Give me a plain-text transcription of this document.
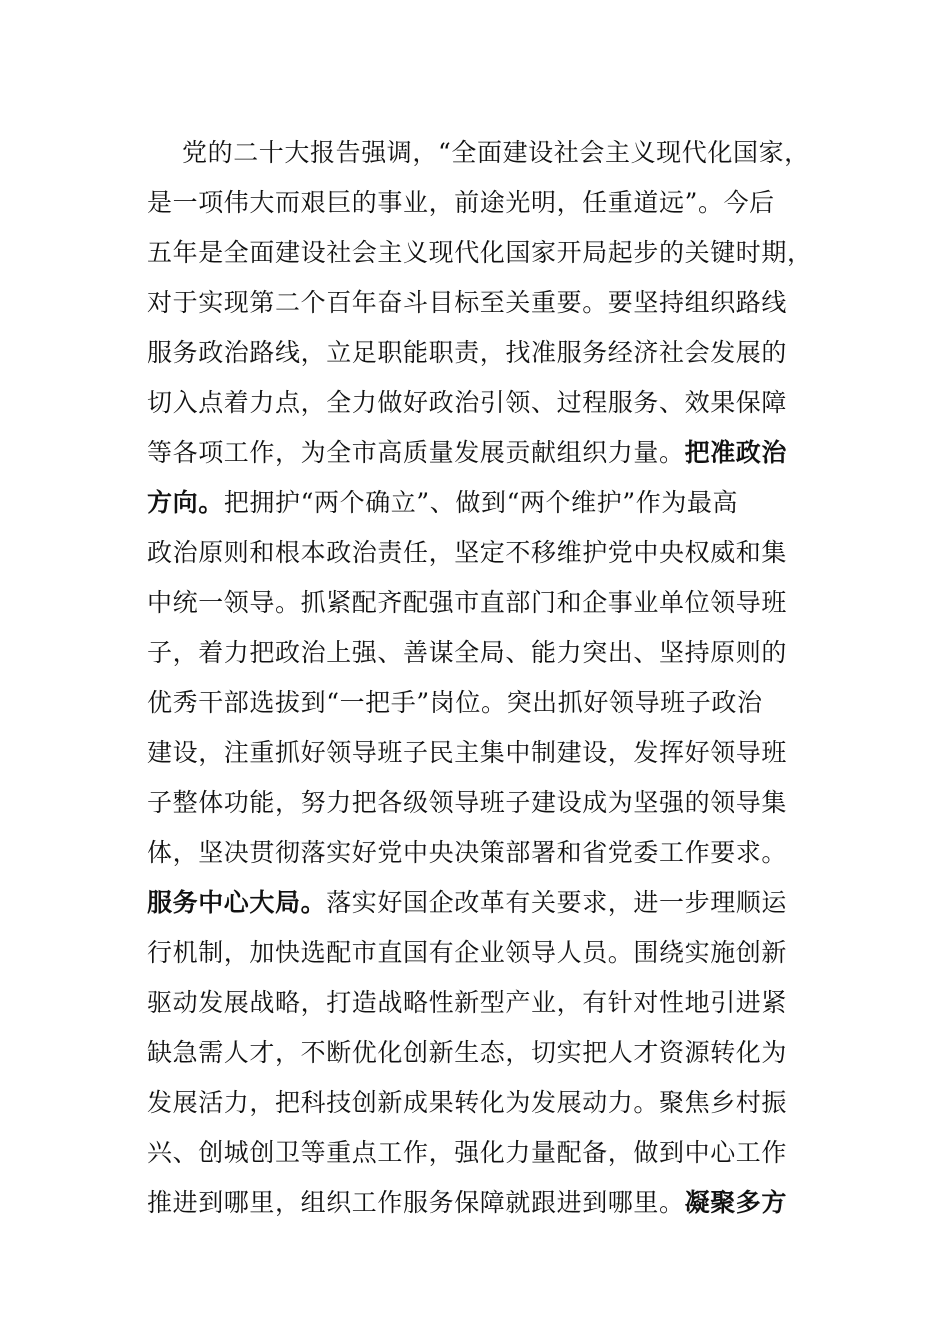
党的二十大报告强调，“全面建设社会主义现代化国家，

是一项伟大而艰巨的事业，前途光明，任重道远”。今后

五年是全面建设社会主义现代化国家开局起步的关键时期，

对于实现第二个百年奋斗目标至关重要。要坚持组织路线

服务政治路线，立足职能职责，找准服务经济社会发展的

切入点着力点，全力做好政治引领、过程服务、效果保障

等各项工作，为全市高质量发展贡献组织力量。把准政治

方向。把拥护“两个确立”、做到“两个维护”作为最高

政治原则和根本政治责任，坚定不移维护党中央权威和集

中统一领导。抓紧配齐配强市直部门和企事业单位领导班

子，着力把政治上强、善谋全局、能力突出、坚持原则的

优秀干部选拔到“一把手”岗位。突出抓好领导班子政治

建设，注重抓好领导班子民主集中制建设，发挥好领导班

子整体功能，努力把各级领导班子建设成为坚强的领导集

体，坚决贯彻落实好党中央决策部署和省党委工作要求。

服务中心大局。落实好国企改革有关要求，进一步理顺运

行机制，加快选配市直国有企业领导人员。围绕实施创新

驱动发展战略，打造战略性新型产业，有针对性地引进紧

缺急需人才，不断优化创新生态，切实把人才资源转化为

发展活力，把科技创新成果转化为发展动力。聚焦乡村振

兴、创城创卫等重点工作，强化力量配备，做到中心工作

推进到哪里，组织工作服务保障就跟进到哪里。凝聚多方
